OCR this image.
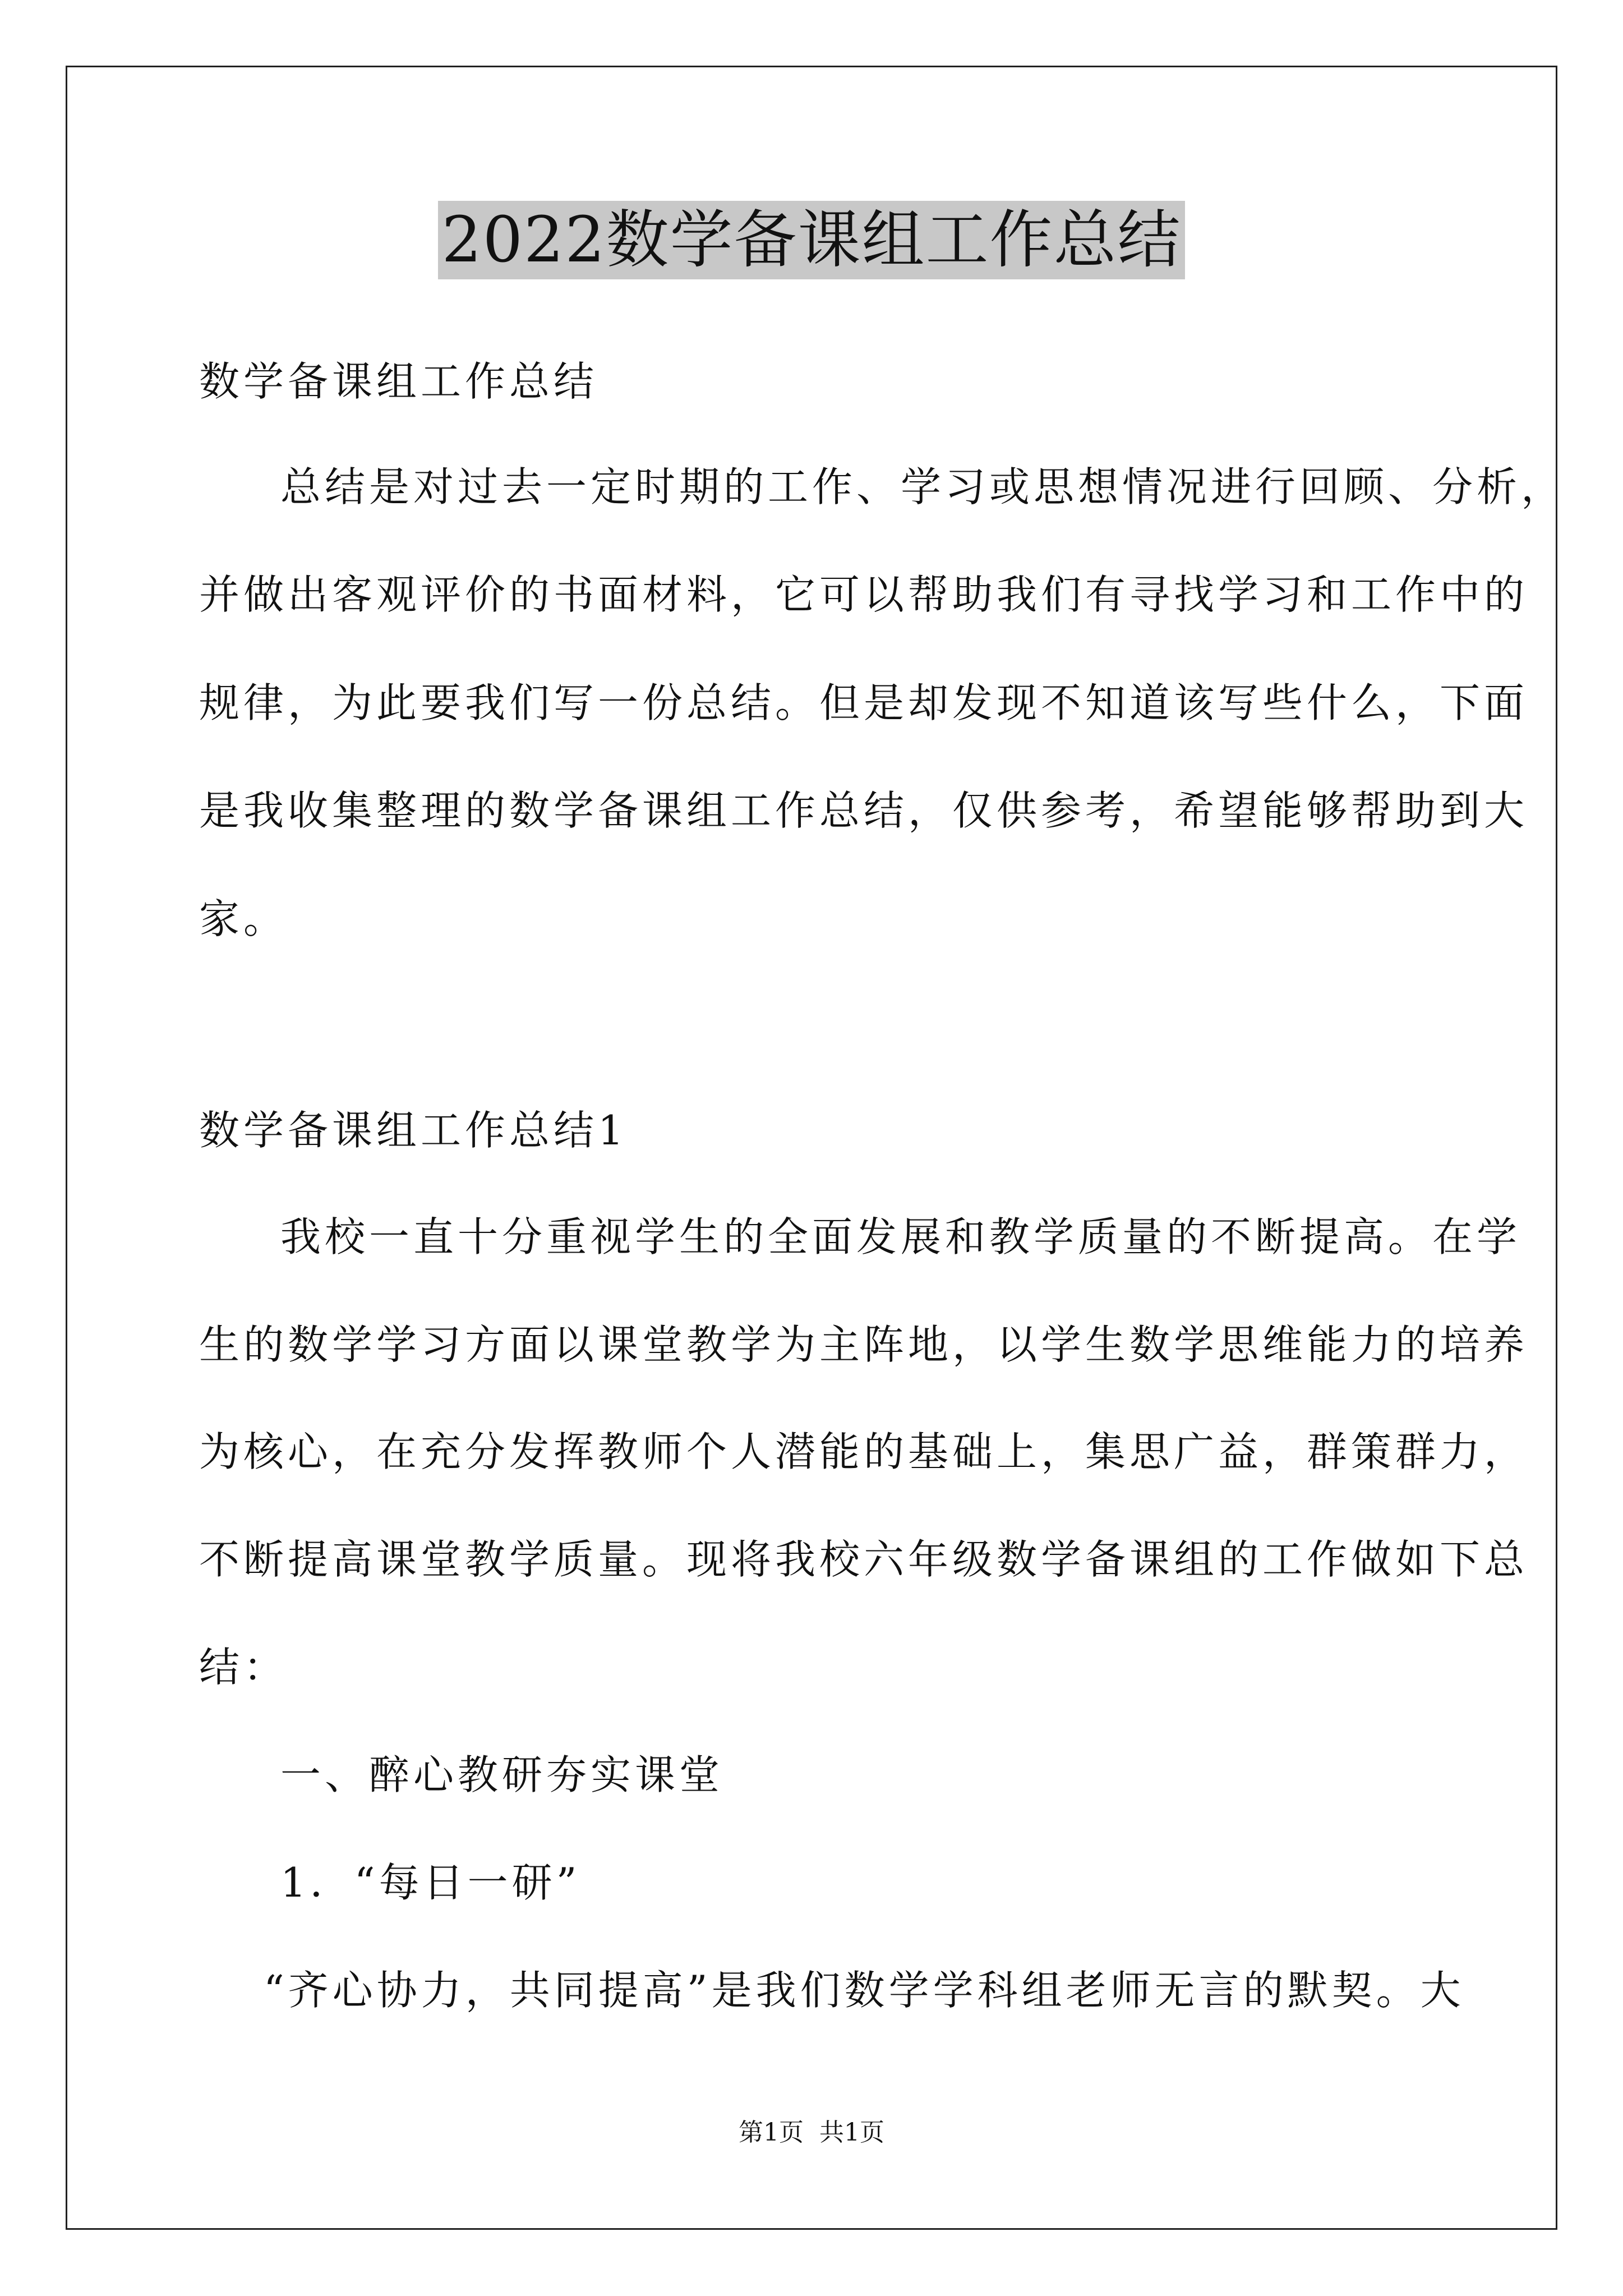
2022数学备课组工作总结
数学备课组工作总结
总结是对过去一定时期的工作、学习或思想情况进行回顾、分析，
并做出客观评价的书面材料，它可以帮助我们有寻找学习和工作中的
规律，为此要我们写一份总结。但是却发现不知道该写些什么，下面
是我收集整理的数学备课组工作总结，仅供参考，希望能够帮助到大
家。
数学备课组工作总结1
我校一直十分重视学生的全面发展和教学质量的不断提高。在学
生的数学学习方面以课堂教学为主阵地，以学生数学思维能力的培养
为核心，在充分发挥教师个人潜能的基础上，集思广益，群策群力，
不断提高课堂教学质量。现将我校六年级数学备课组的工作做如下总
结：
一、醉心教研夯实课堂
1．“每日一研”
“齐心协力，共同提高”是我们数学学科组老师无言的默契。大
第1页 共1页
